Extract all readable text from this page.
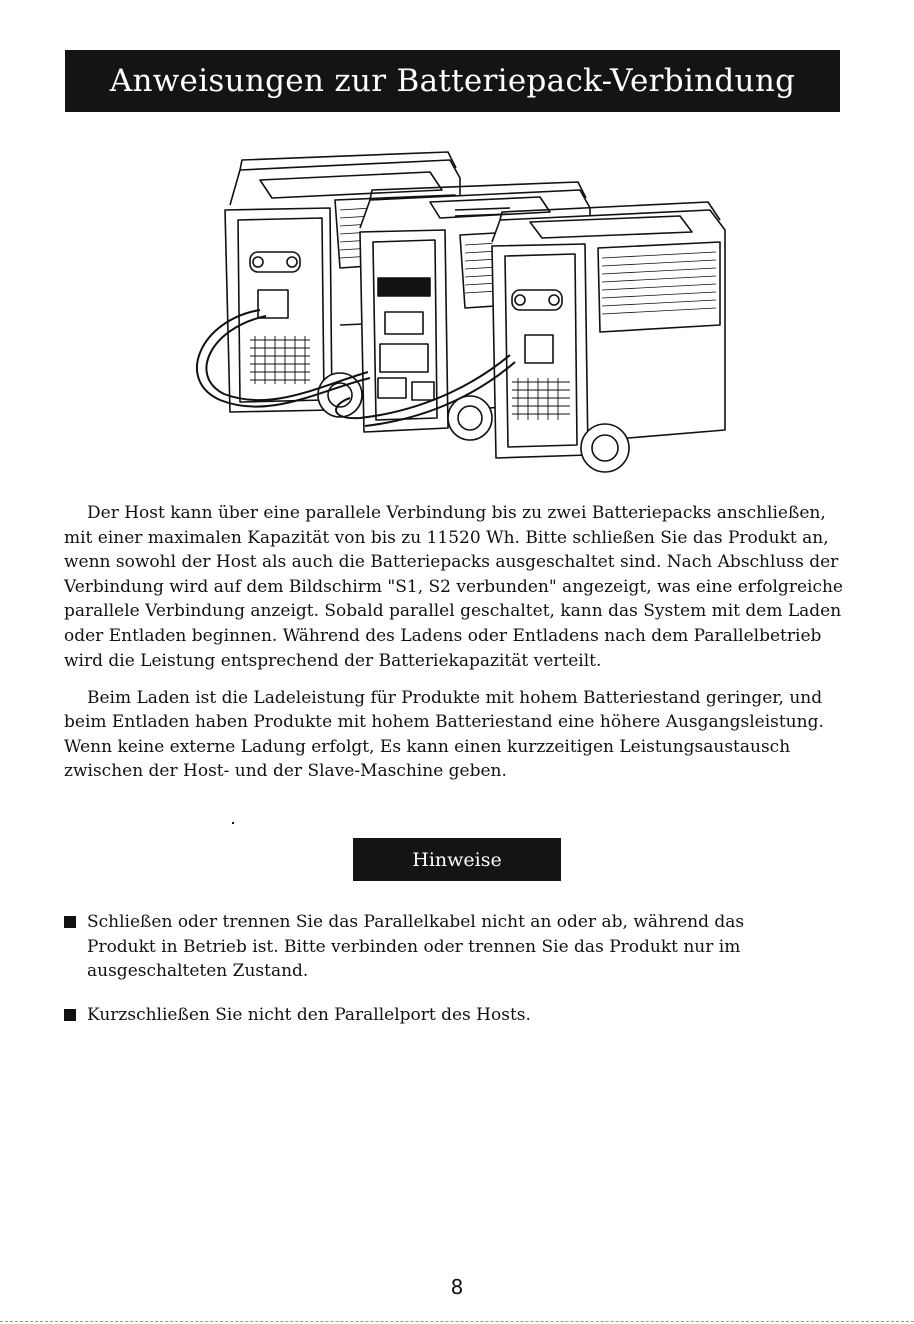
Anweisungen zur Batteriepack-Verbindung

Der Host kann über eine parallele Verbindung bis zu zwei Batteriepacks anschließen,

mit einer maximalen Kapazität von bis zu 11520 Wh. Bitte schließen Sie das Produkt an,

wenn sowohl der Host als auch die Batteriepacks ausgeschaltet sind. Nach Abschluss der

Verbindung wird auf dem Bildschirm "S1, S2 verbunden" angezeigt, was eine erfolgreiche

parallele Verbindung anzeigt. Sobald parallel geschaltet, kann das System mit dem Laden

oder Entladen beginnen. Während des Ladens oder Entladens nach dem Parallelbetrieb

wird die Leistung entsprechend der Batteriekapazität verteilt.

Beim Laden ist die Ladeleistung für Produkte mit hohem Batteriestand geringer, und

beim Entladen haben Produkte mit hohem Batteriestand eine höhere Ausgangsleistung.

Wenn keine externe Ladung erfolgt, Es kann einen kurzzeitigen Leistungsaustausch

zwischen der Host- und der Slave-Maschine geben.

Hinweise
Schließen oder trennen Sie das Parallelkabel nicht an oder ab, während das
Produkt in Betrieb ist. Bitte verbinden oder trennen Sie das Produkt nur im
ausgeschalteten Zustand.
Kurzschließen Sie nicht den Parallelport des Hosts.
8
